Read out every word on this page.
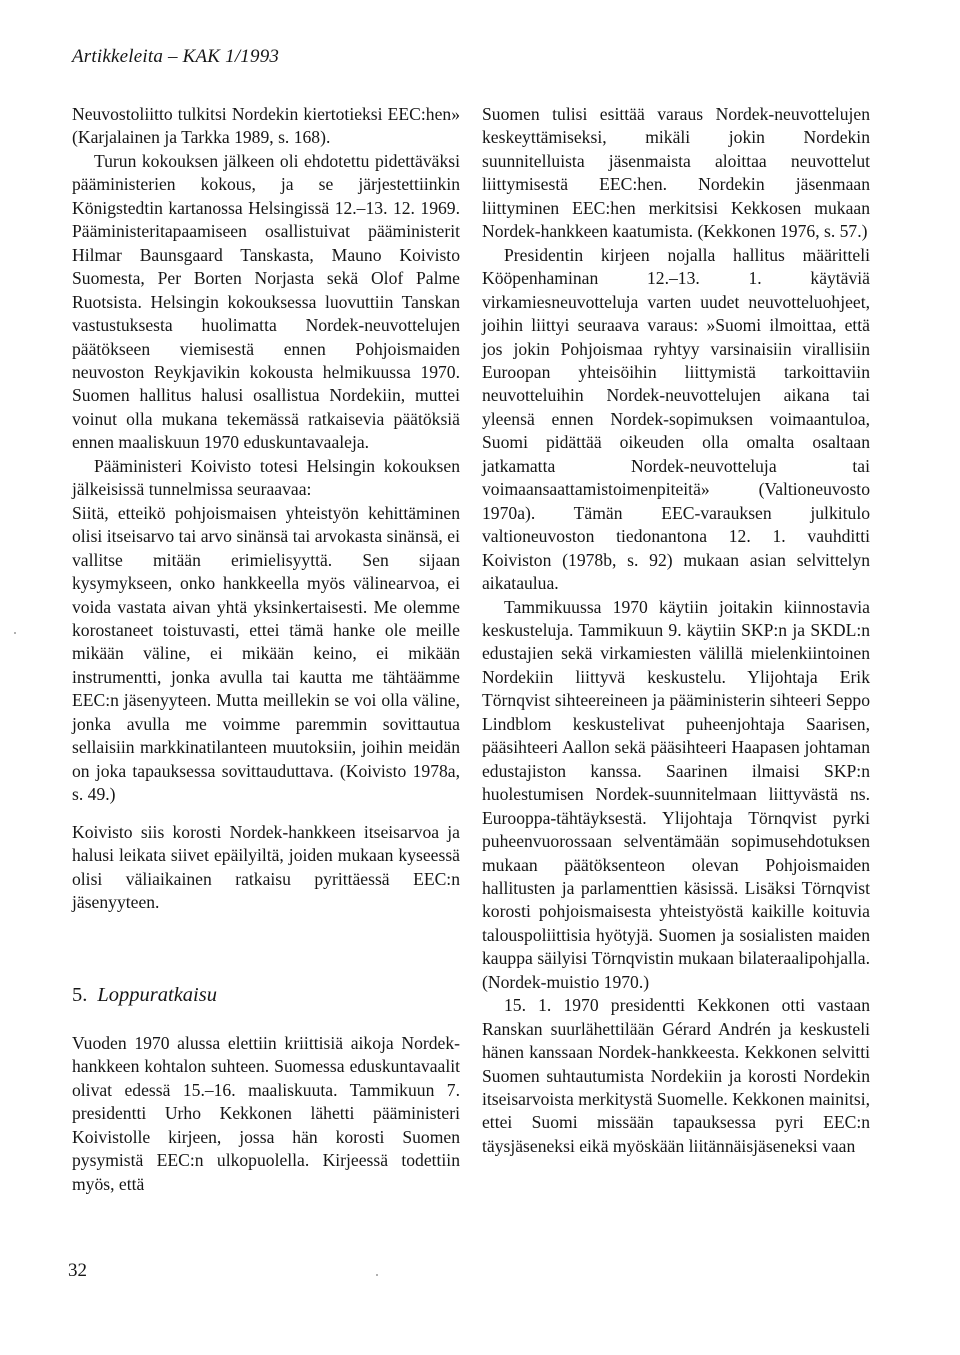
Artikkeleita – KAK 1/1993

Neuvostoliitto tulkitsi Nordekin kiertotieksi EEC:hen» (Karjalainen ja Tarkka 1989, s. 168).

Turun kokouksen jälkeen oli ehdotettu pidettäväksi pääministerien kokous, ja se järjestettiinkin Königstedtin kartanossa Helsingissä 12.–13. 12. 1969. Pääministeritapaamiseen osallistuivat pääministerit Hilmar Baunsgaard Tanskasta, Mauno Koivisto Suomesta, Per Borten Norjasta sekä Olof Palme Ruotsista. Helsingin kokouksessa luovuttiin Tanskan vastustuksesta huolimatta Nordek-neuvottelujen päätökseen viemisestä ennen Pohjoismaiden neuvoston Reykjavikin kokousta helmikuussa 1970. Suomen hallitus halusi osallistua Nordekiin, muttei voinut olla mukana tekemässä ratkaisevia päätöksiä ennen maaliskuun 1970 eduskuntavaaleja.

Pääministeri Koivisto totesi Helsingin kokouksen jälkeisissä tunnelmissa seuraavaa:

Siitä, etteikö pohjoismaisen yhteistyön kehittäminen olisi itseisarvo tai arvo sinänsä tai arvokasta sinänsä, ei vallitse mitään erimielisyyttä. Sen sijaan kysymykseen, onko hankkeella myös välinearvoa, ei voida vastata aivan yhtä yksinkertaisesti. Me olemme korostaneet toistuvasti, ettei tämä hanke ole meille mikään väline, ei mikään keino, ei mikään instrumentti, jonka avulla tai kautta me tähtäämme EEC:n jäsenyyteen. Mutta meillekin se voi olla väline, jonka avulla me voimme paremmin sovittautua sellaisiin markkinatilanteen muutoksiin, joihin meidän on joka tapauksessa sovittauduttava. (Koivisto 1978a, s. 49.)

Koivisto siis korosti Nordek-hankkeen itseisarvoa ja halusi leikata siivet epäilyiltä, joiden mukaan kyseessä olisi väliaikainen ratkaisu pyrittäessä EEC:n jäsenyyteen.

5. Loppuratkaisu

Vuoden 1970 alussa elettiin kriittisiä aikoja Nordek-hankkeen kohtalon suhteen. Suomessa eduskuntavaalit olivat edessä 15.–16. maaliskuuta. Tammikuun 7. presidentti Urho Kekkonen lähetti pääministeri Koivistolle kirjeen, jossa hän korosti Suomen pysymistä EEC:n ulkopuolella. Kirjeessä todettiin myös, että

Suomen tulisi esittää varaus Nordek-neuvottelujen keskeyttämiseksi, mikäli jokin Nordekin suunnitelluista jäsenmaista aloittaa neuvottelut liittymisestä EEC:hen. Nordekin jäsenmaan liittyminen EEC:hen merkitsisi Kekkosen mukaan Nordek-hankkeen kaatumista. (Kekkonen 1976, s. 57.)

Presidentin kirjeen nojalla hallitus määritteli Kööpenhaminan 12.–13. 1. käytäviä virkamiesneuvotteluja varten uudet neuvotteluohjeet, joihin liittyi seuraava varaus: »Suomi ilmoittaa, että jos jokin Pohjoismaa ryhtyy varsinaisiin virallisiin Euroopan yhteisöihin liittymistä tarkoittaviin neuvotteluihin Nordek-neuvottelujen aikana tai yleensä ennen Nordek-sopimuksen voimaantuloa, Suomi pidättää oikeuden olla omalta osaltaan jatkamatta Nordek-neuvotteluja tai voimaansaattamistoimenpiteitä» (Valtioneuvosto 1970a). Tämän EEC-varauksen julkitulo valtioneuvoston tiedonantona 12. 1. vauhditti Koiviston (1978b, s. 92) mukaan asian selvittelyn aikataulua.

Tammikuussa 1970 käytiin joitakin kiinnostavia keskusteluja. Tammikuun 9. käytiin SKP:n ja SKDL:n edustajien sekä virkamiesten välillä mielenkiintoinen Nordekiin liittyvä keskustelu. Ylijohtaja Erik Törnqvist sihteereineen ja pääministerin sihteeri Seppo Lindblom keskustelivat puheenjohtaja Saarisen, pääsihteeri Aallon sekä pääsihteeri Haapasen johtaman edustajiston kanssa. Saarinen ilmaisi SKP:n huolestumisen Nordek-suunnitelmaan liittyvästä ns. Eurooppa-tähtäyksestä. Ylijohtaja Törnqvist pyrki puheenvuorossaan selventämään sopimusehdotuksen mukaan päätöksenteon olevan Pohjoismaiden hallitusten ja parlamenttien käsissä. Lisäksi Törnqvist korosti pohjoismaisesta yhteistyöstä kaikille koituvia talouspoliittisia hyötyjä. Suomen ja sosialisten maiden kauppa säilyisi Törnqvistin mukaan bilateraalipohjalla. (Nordek-muistio 1970.)

15. 1. 1970 presidentti Kekkonen otti vastaan Ranskan suurlähettilään Gérard Andrén ja keskusteli hänen kanssaan Nordek-hankkeesta. Kekkonen selvitti Suomen suhtautumista Nordekiin ja korosti Nordekin itseisarvoista merkitystä Suomelle. Kekkonen mainitsi, ettei Suomi missään tapauksessa pyri EEC:n täysjäseneksi eikä myöskään liitännäisjäseneksi vaan

32
